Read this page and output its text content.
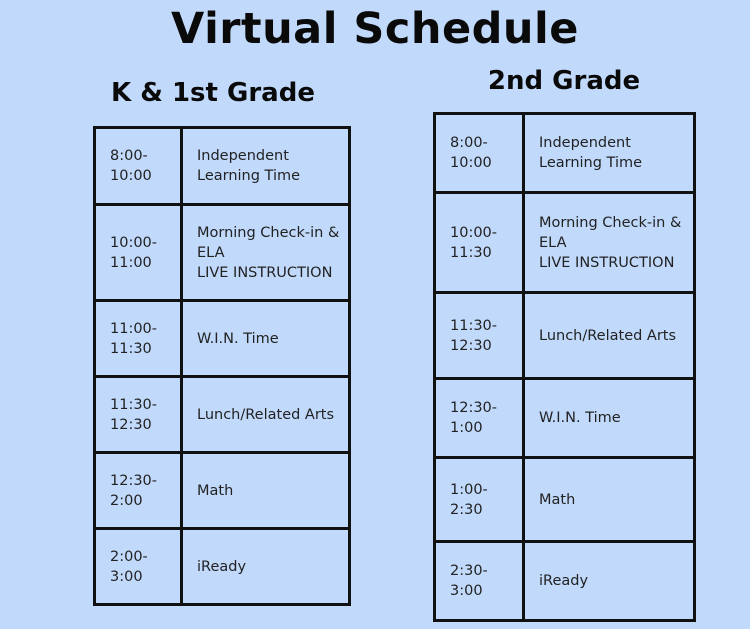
Virtual Schedule
K & 1st Grade	2nd Grade
8:00-
10:00	Independent
Learning Time
10:00-
11:00	Morning Check-in &
ELA
LIVE INSTRUCTION
11:00-
11:30	W.I.N. Time
11:30-
12:30	Lunch/Related Arts
12:30-
2:00	Math
2:00-
3:00	iReady
8:00-
10:00	Independent
Learning Time
10:00-
11:30	Morning Check-in &
ELA
LIVE INSTRUCTION
11:30-
12:30	Lunch/Related Arts
12:30-
1:00	W.I.N. Time
1:00-
2:30	Math
2:30-
3:00	iReady
